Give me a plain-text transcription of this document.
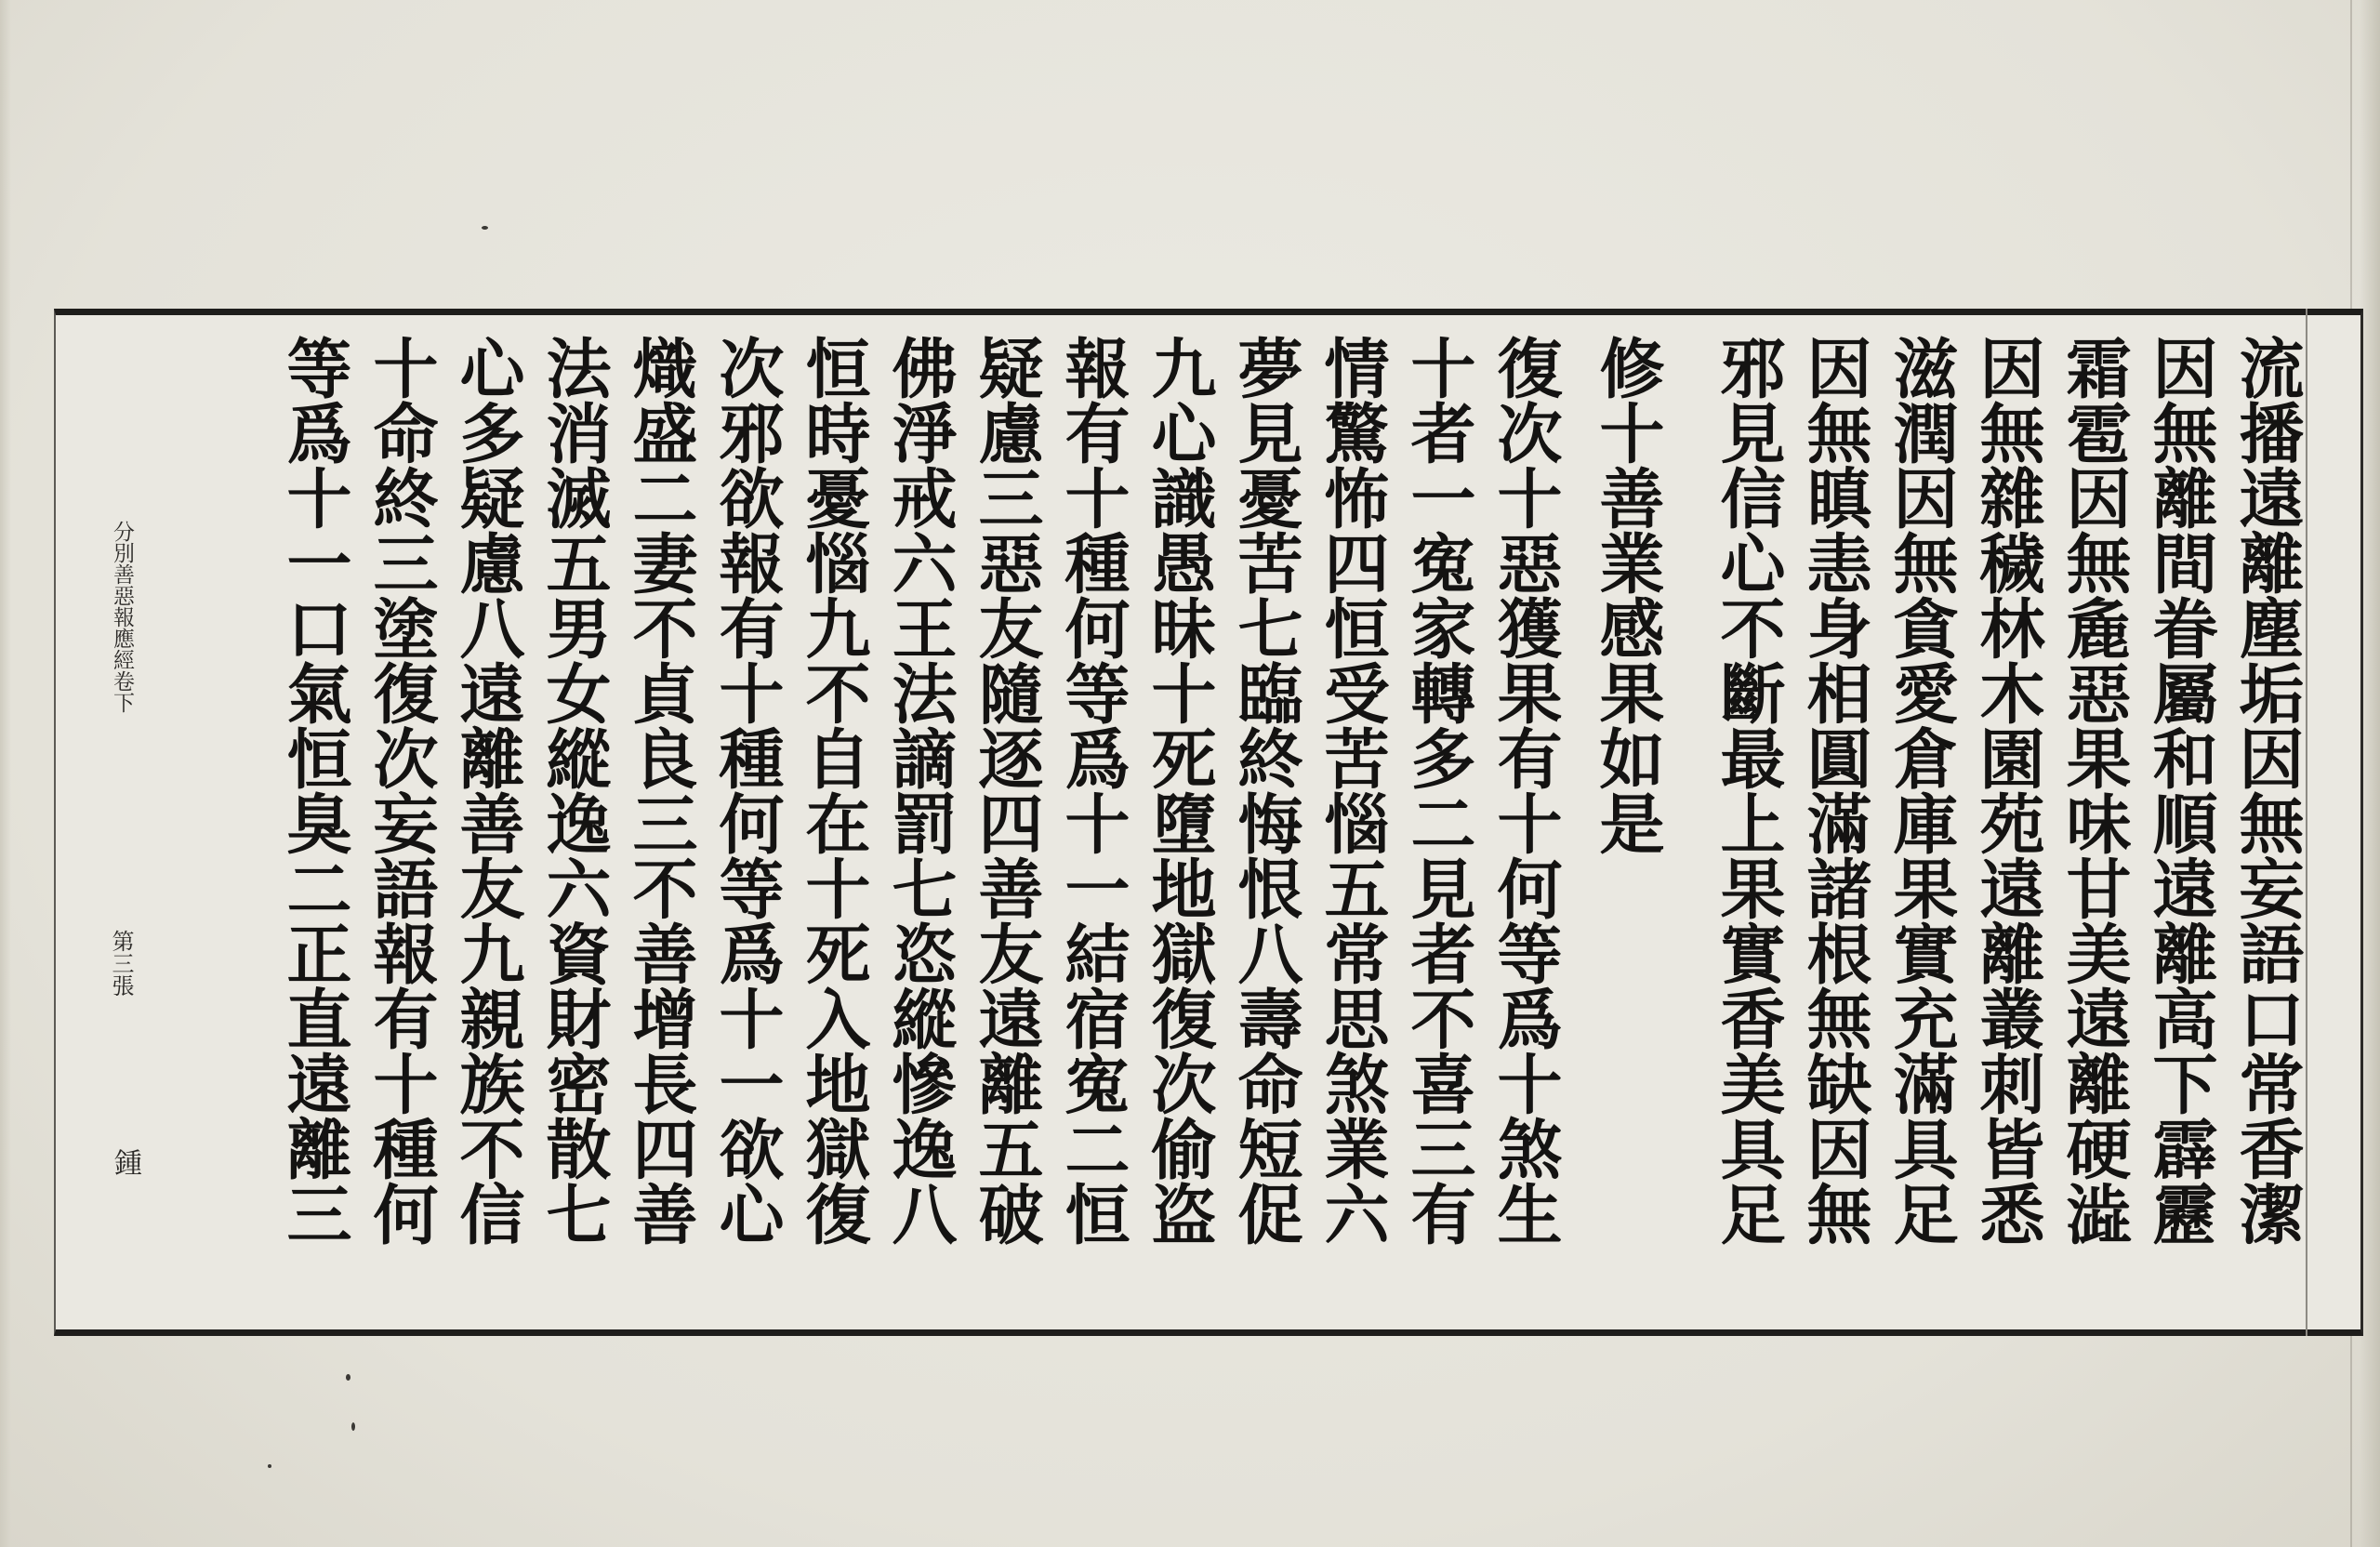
流播遠離塵垢因無妄語口常香潔
因無離間眷屬和順遠離高下霹靂
霜雹因無麁惡果味甘美遠離硬澁
因無雜穢林木園苑遠離叢刺皆悉
滋潤因無貪愛倉庫果實充滿具足
因無瞋恚身相圓滿諸根無缺因無
邪見信心不斷最上果實香美具足
修十善業感果如是
復次十惡獲果有十何等爲十煞生
十者一寃家轉多二見者不喜三有
情驚怖四恒受苦惱五常思煞業六
夢見憂苦七臨終悔恨八壽命短促
九心識愚昧十死墮地獄復次偷盗
報有十種何等爲十一結宿寃二恒
疑慮三惡友隨逐四善友遠離五破
佛淨戒六王法謫罰七恣縱慘逸八
恒時憂惱九不自在十死入地獄復
次邪欲報有十種何等爲十一欲心
熾盛二妻不貞良三不善增長四善
法消滅五男女縱逸六資財密散七
心多疑慮八遠離善友九親族不信
十命終三塗復次妄語報有十種何
等爲十一口氣恒臭二正直遠離三
分別善惡報應經卷下
第三張
鍾
